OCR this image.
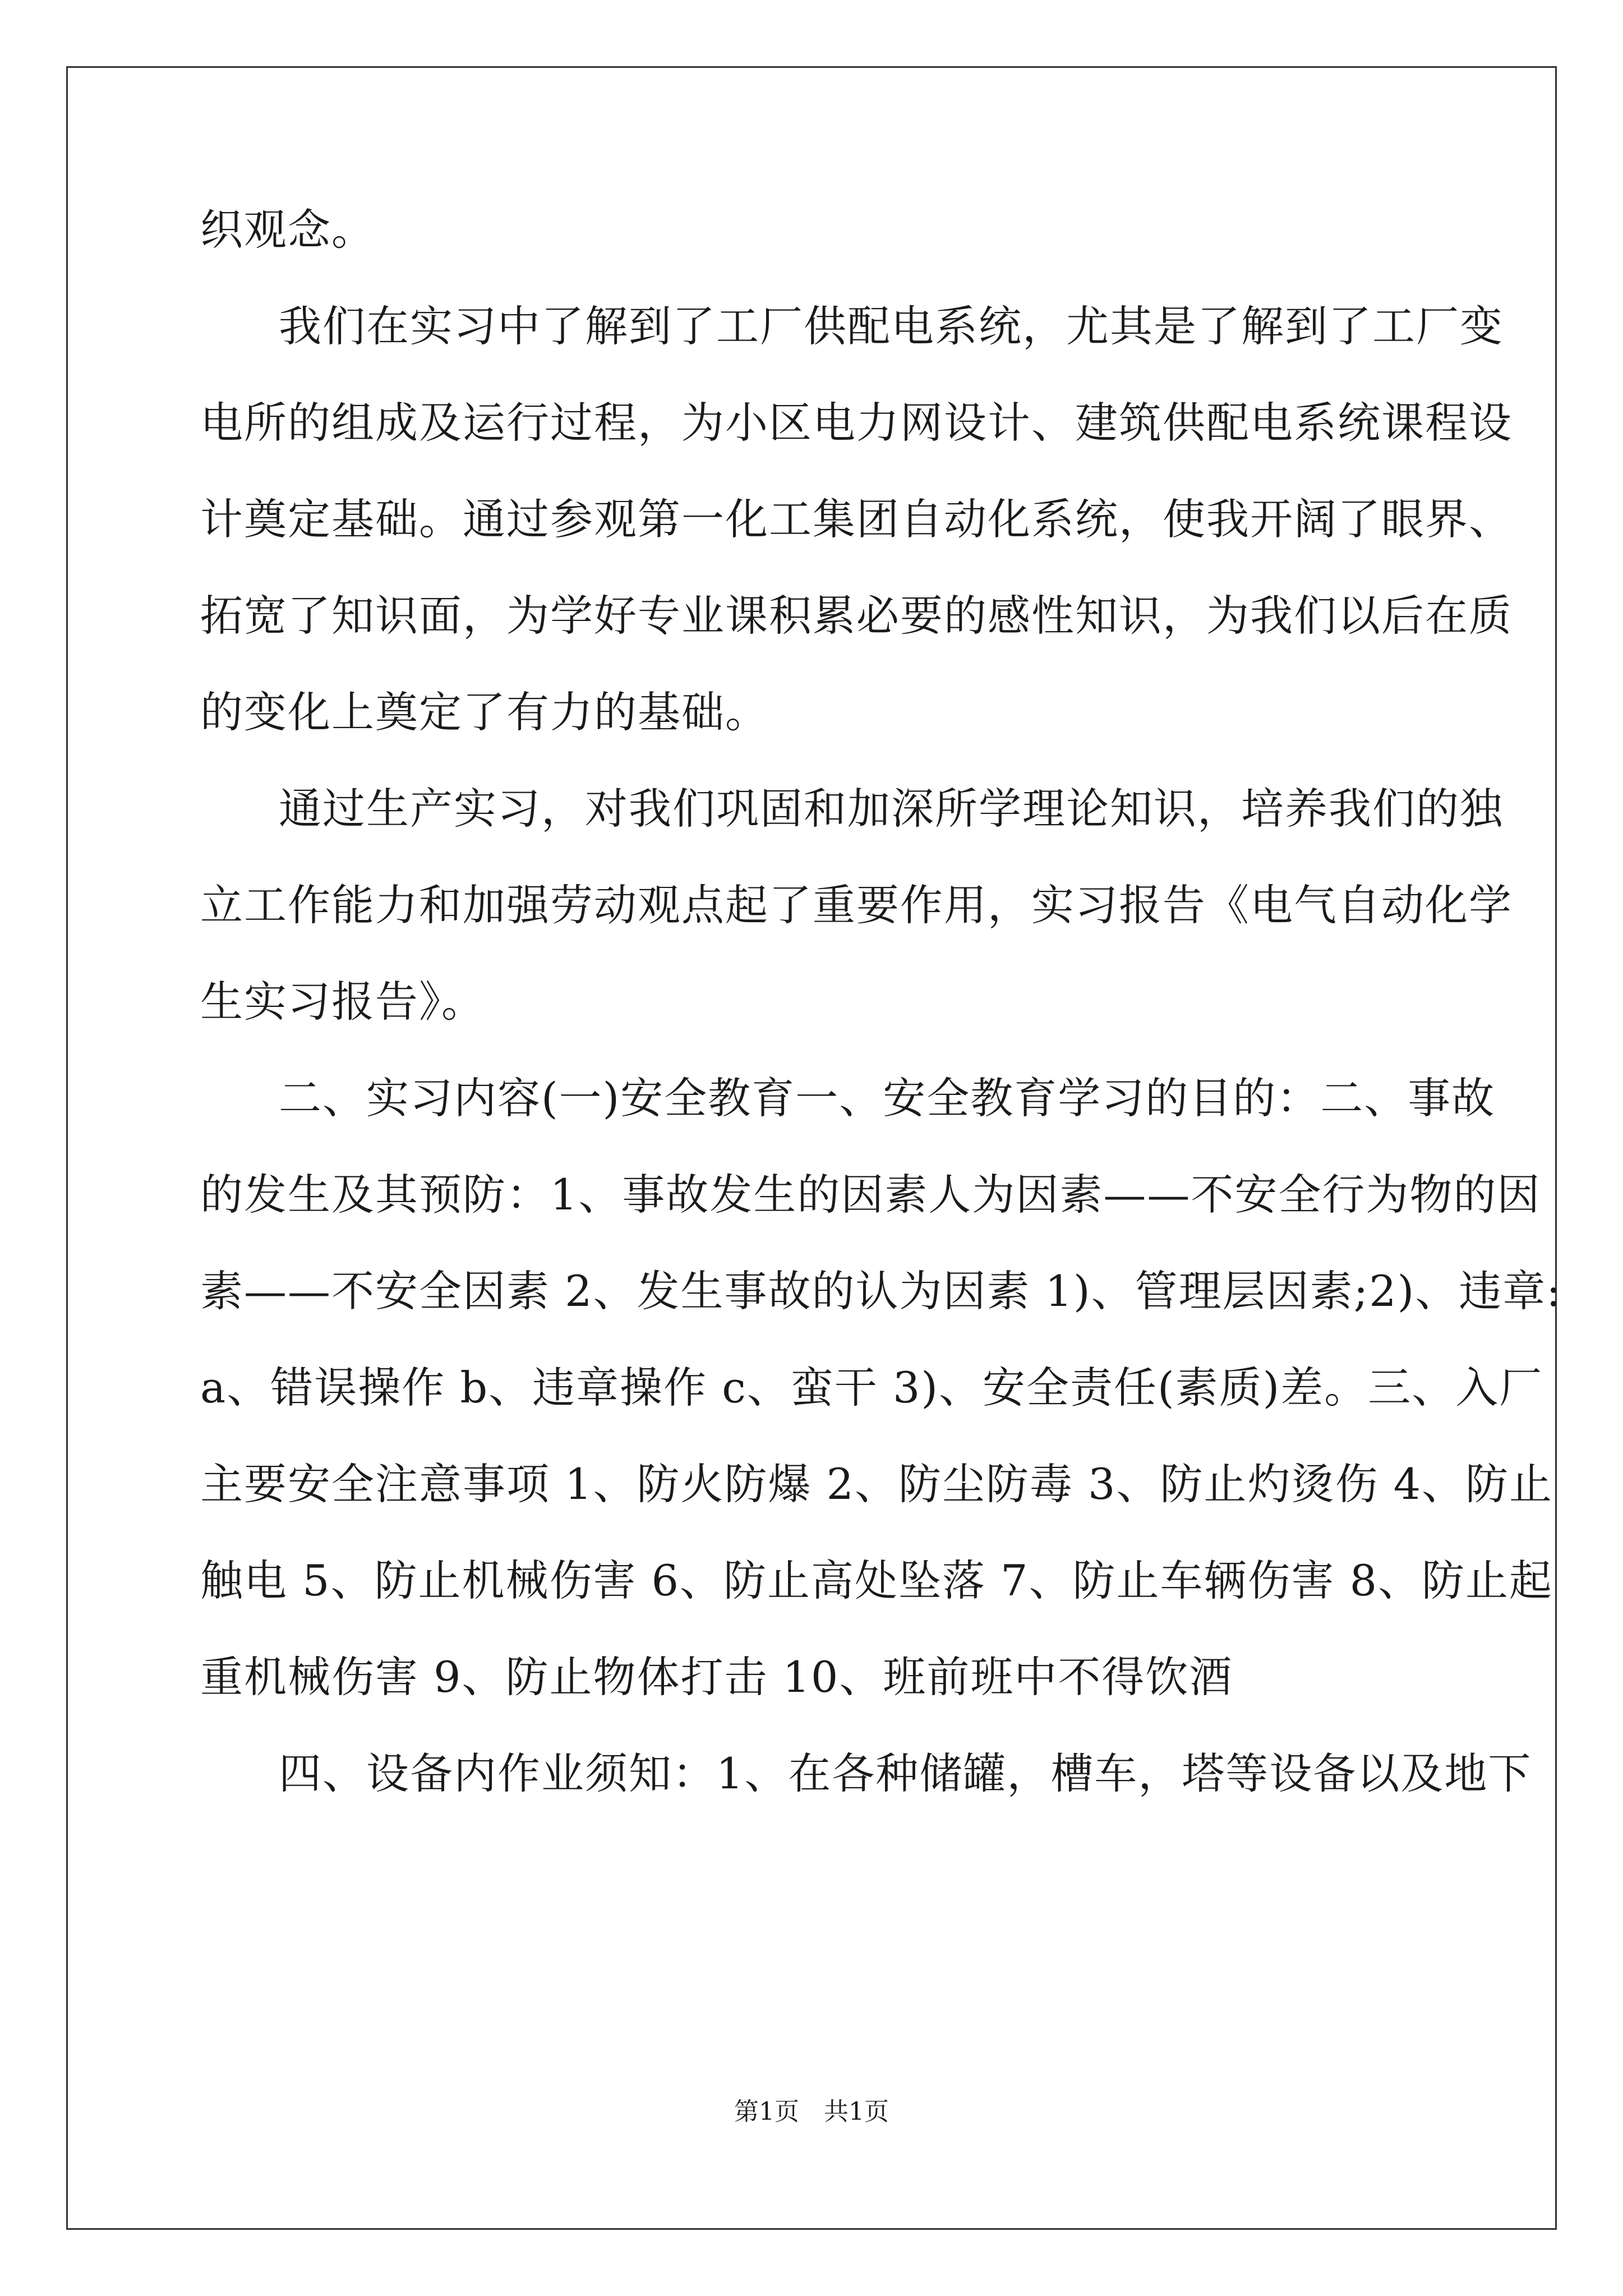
织观念。
我们在实习中了解到了工厂供配电系统，尤其是了解到了工厂变
电所的组成及运行过程，为小区电力网设计、建筑供配电系统课程设
计奠定基础。通过参观第一化工集团自动化系统，使我开阔了眼界、
拓宽了知识面，为学好专业课积累必要的感性知识，为我们以后在质
的变化上奠定了有力的基础。
通过生产实习，对我们巩固和加深所学理论知识，培养我们的独
立工作能力和加强劳动观点起了重要作用，实习报告《电气自动化学
生实习报告》。
二、实习内容(一)安全教育一、安全教育学习的目的：二、事故
的发生及其预防：1、事故发生的因素人为因素——不安全行为物的因
素——不安全因素 2、发生事故的认为因素 1)、管理层因素;2)、违章:
a、错误操作 b、违章操作 c、蛮干 3)、安全责任(素质)差。三、入厂
主要安全注意事项 1、防火防爆 2、防尘防毒 3、防止灼烫伤 4、防止
触电 5、防止机械伤害 6、防止高处坠落 7、防止车辆伤害 8、防止起
重机械伤害 9、防止物体打击 10、班前班中不得饮酒
四、设备内作业须知：1、在各种储罐，槽车，塔等设备以及地下
第1页　共1页
